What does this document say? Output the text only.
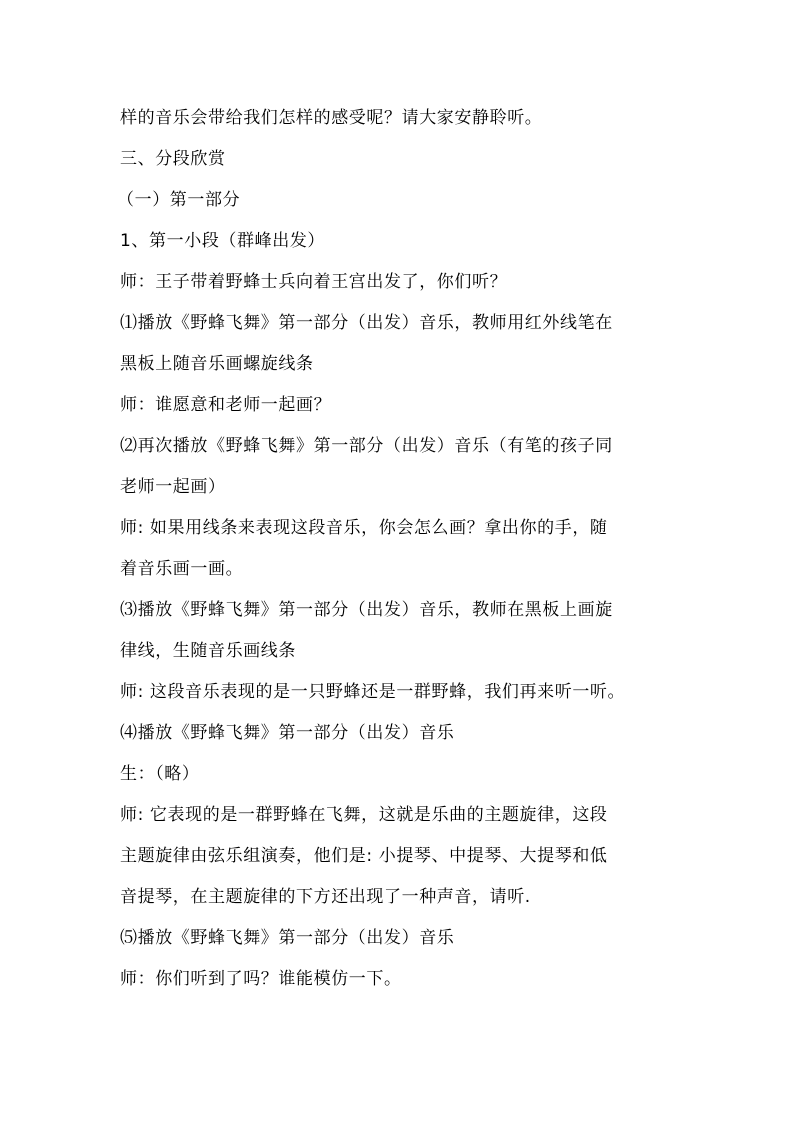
样的音乐会带给我们怎样的感受呢？请大家安静聆听。
三、分段欣赏
（一）第一部分
1、第一小段（群峰出发）
师：王子带着野蜂士兵向着王宫出发了，你们听？
⑴播放《野蜂飞舞》第一部分（出发）音乐，教师用红外线笔在
黑板上随音乐画螺旋线条
师：谁愿意和老师一起画？
⑵再次播放《野蜂飞舞》第一部分（出发）音乐（有笔的孩子同
老师一起画）
师: 如果用线条来表现这段音乐，你会怎么画？拿出你的手，随
着音乐画一画。
⑶播放《野蜂飞舞》第一部分（出发）音乐，教师在黑板上画旋
律线，生随音乐画线条
师: 这段音乐表现的是一只野蜂还是一群野蜂，我们再来听一听。
⑷播放《野蜂飞舞》第一部分（出发）音乐
生：（略）
师: 它表现的是一群野蜂在飞舞，这就是乐曲的主题旋律，这段
主题旋律由弦乐组演奏，他们是: 小提琴、中提琴、大提琴和低
音提琴，在主题旋律的下方还出现了一种声音，请听.
⑸播放《野蜂飞舞》第一部分（出发）音乐
师：你们听到了吗？谁能模仿一下。
